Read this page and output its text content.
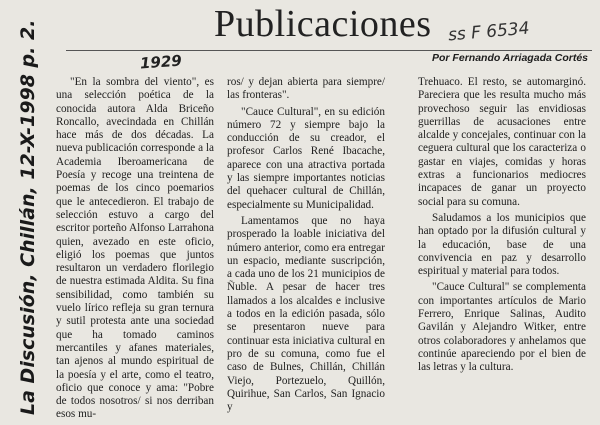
Publicaciones ss F 6534
Por Fernando Arriagada Cortés
1929
La Discusión, Chillán, 12-X-1998 p. 2.	"En la sombra del viento", es una selección poética de la conocida autora Alda Briceño Roncallo, avecindada en Chillán hace más de dos décadas. La nueva publicación corresponde a la Academia Iberoamericana de Poesía y recoge una treintena de poemas de los cinco poemarios que le antecedieron. El trabajo de selección estuvo a cargo del escritor porteño Alfonso Larrahona quien, avezado en este oficio, eligió los poemas que juntos resultaron un verdadero florilegio de nuestra estimada Aldita. Su fina sensibilidad, como también su vuelo lírico refleja su gran ternura y sutil protesta ante una sociedad que ha tomado caminos mercantiles y afanes materiales, tan ajenos al mundo espiritual de la poesía y el arte, como el teatro, oficio que conoce y ama: "Pobre de todos nosotros/ si nos derriban esos mu-

ros/ y dejan abierta para siempre/ las fronteras".

"Cauce Cultural", en su edición número 72 y siempre bajo la conducción de su creador, el profesor Carlos René Ibacache, aparece con una atractiva portada y las siempre importantes noticias del quehacer cultural de Chillán, especialmente su Municipalidad.

Lamentamos que no haya prosperado la loable iniciativa del número anterior, como era entregar un espacio, mediante suscripción, a cada uno de los 21 municipios de Ñuble. A pesar de hacer tres llamados a los alcaldes e inclusive a todos en la edición pasada, sólo se presentaron nueve para continuar esta iniciativa cultural en pro de su comuna, como fue el caso de Bulnes, Chillán, Chillán Viejo, Portezuelo, Quillón, Quirihue, San Carlos, San Ignacio y

Trehuaco. El resto, se automarginó. Pareciera que les resulta mucho más provechoso seguir las envidiosas guerrillas de acusaciones entre alcalde y concejales, continuar con la ceguera cultural que los caracteriza o gastar en viajes, comidas y horas extras a funcionarios mediocres incapaces de ganar un proyecto social para su comuna.

Saludamos a los municipios que han optado por la difusión cultural y la educación, base de una convivencia en paz y desarrollo espiritual y material para todos.

"Cauce Cultural" se complementa con importantes artículos de Mario Ferrero, Enrique Salinas, Audito Gavilán y Alejandro Witker, entre otros colaboradores y anhelamos que continúe apareciendo por el bien de las letras y la cultura.
